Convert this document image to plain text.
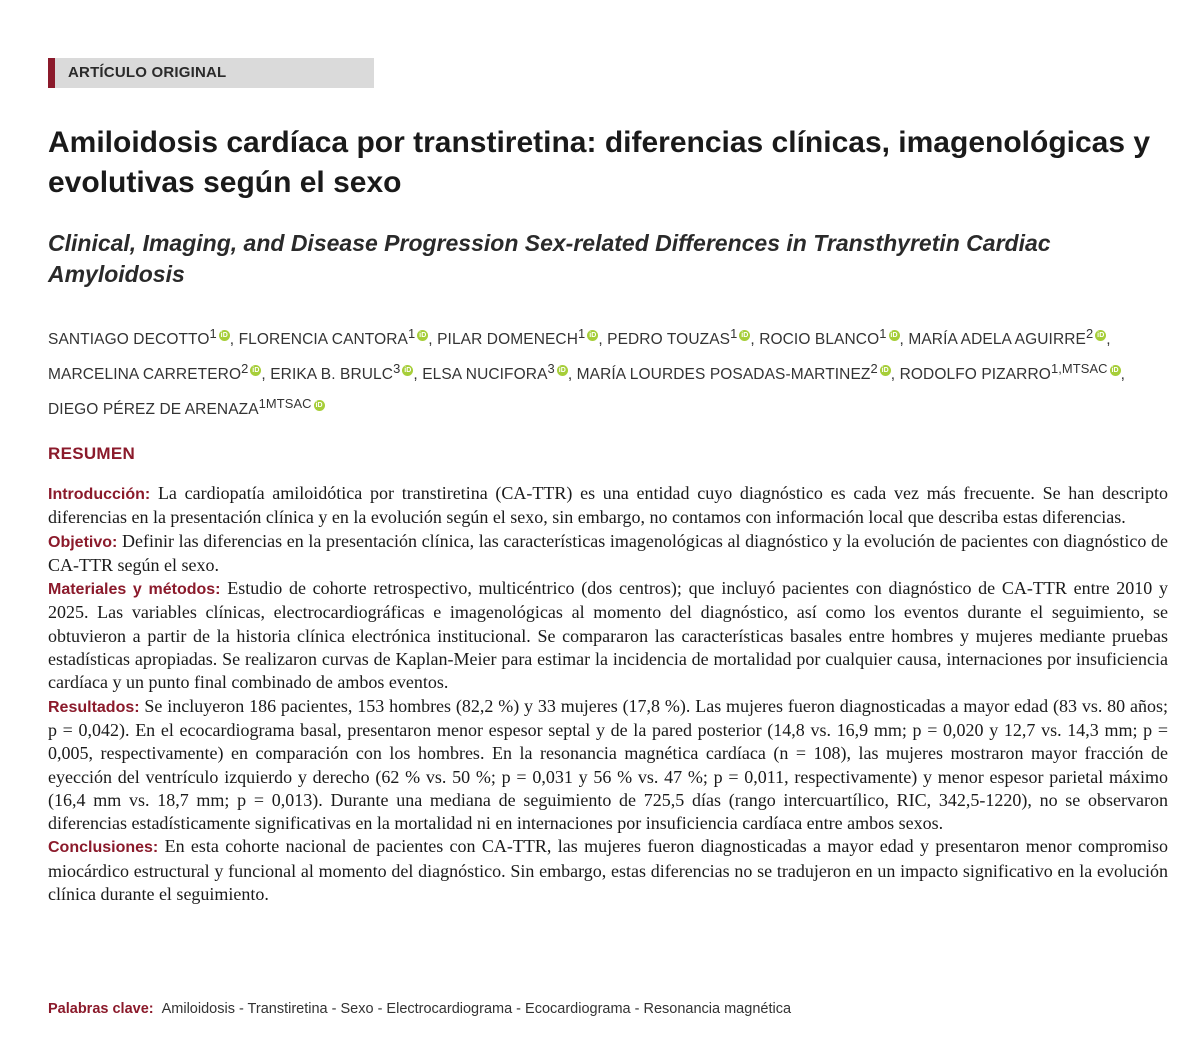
ARTÍCULO ORIGINAL
Amiloidosis cardíaca por transtiretina: diferencias clínicas, imagenológicas y evolutivas según el sexo
Clinical, Imaging, and Disease Progression Sex-related Differences in Transthyretin Cardiac Amyloidosis

SANTIAGO DECOTTO$^1$ iD , FLORENCIA CANTORA$^1$ iD , PILAR DOMENECH$^1$ iD , PEDRO TOUZAS$^1$ iD , ROCIO BLANCO$^1$ iD , MARÍA ADELA AGUIRRE$^2$ iD , MARCELINA CARRETERO$^2$ iD , ERIKA B. BRULC$^3$ iD , ELSA NUCIFORA$^3$ iD , MARÍA LOURDES POSADAS-MARTINEZ$^2$ iD , RODOLFO $PIZARRO^{1,MTSAC}$ iD , DIEGO PÉREZ DE $ARENAZA^{1MTSAC}$ iD

RESUMEN

Introducción: La cardiopatía amiloidótica por transtiretina (CA-TTR) es una entidad cuyo diagnóstico es cada vez más frecuente. Se han descripto diferencias en la presentación clínica y en la evolución según el sexo, sin embargo, no contamos con información local que describa estas diferencias.

Objetivo: Definir las diferencias en la presentación clínica, las características imagenológicas al diagnóstico y la evolución de pacientes con diagnóstico de CA-TTR según el sexo.

Materiales y métodos: Estudio de cohorte retrospectivo, multicéntrico (dos centros); que incluyó pacientes con diagnóstico de CA-TTR entre 2010 y 2025. Las variables clínicas, electrocardiográficas e imagenológicas al momento del diagnóstico, así como los eventos durante el seguimiento, se obtuvieron a partir de la historia clínica electrónica institucional. Se compararon las características basales entre hombres y mujeres mediante pruebas estadísticas apropiadas. Se realizaron curvas de Kaplan-Meier para estimar la incidencia de mortalidad por cualquier causa, internaciones por insuficiencia cardíaca y un punto final combinado de ambos eventos.

Resultados: Se incluyeron 186 pacientes, 153 hombres (82,2 %) y 33 mujeres (17,8 %). Las mujeres fueron diagnosticadas a mayor edad (83 vs. 80 años; p = 0,042). En el ecocardiograma basal, presentaron menor espesor septal y de la pared posterior (14,8 vs. 16,9 mm; p = 0,020 y 12,7 vs. 14,3 mm; p = 0,005, respectivamente) en comparación con los hombres. En la resonancia magnética cardíaca (n = 108), las mujeres mostraron mayor fracción de eyección del ventrículo izquierdo y derecho (62 % vs. 50 %; p = 0,031 y 56 % vs. 47 %; p = 0,011, respectivamente) y menor espesor parietal máximo (16,4 mm vs. 18,7 mm; p = 0,013). Durante una mediana de seguimiento de 725,5 días (rango intercuartílico, RIC, 342,5-1220), no se observaron diferencias estadísticamente significativas en la mortalidad ni en internaciones por insuficiencia cardíaca entre ambos sexos.

Conclusiones: En esta cohorte nacional de pacientes con CA-TTR, las mujeres fueron diagnosticadas a mayor edad y presentaron menor compromiso miocárdico estructural y funcional al momento del diagnóstico. Sin embargo, estas diferencias no se tradujeron en un impacto significativo en la evolución clínica durante el seguimiento.

Palabras clave: Amiloidosis - Transtiretina - Sexo - Electrocardiograma - Ecocardiograma - Resonancia magnética
